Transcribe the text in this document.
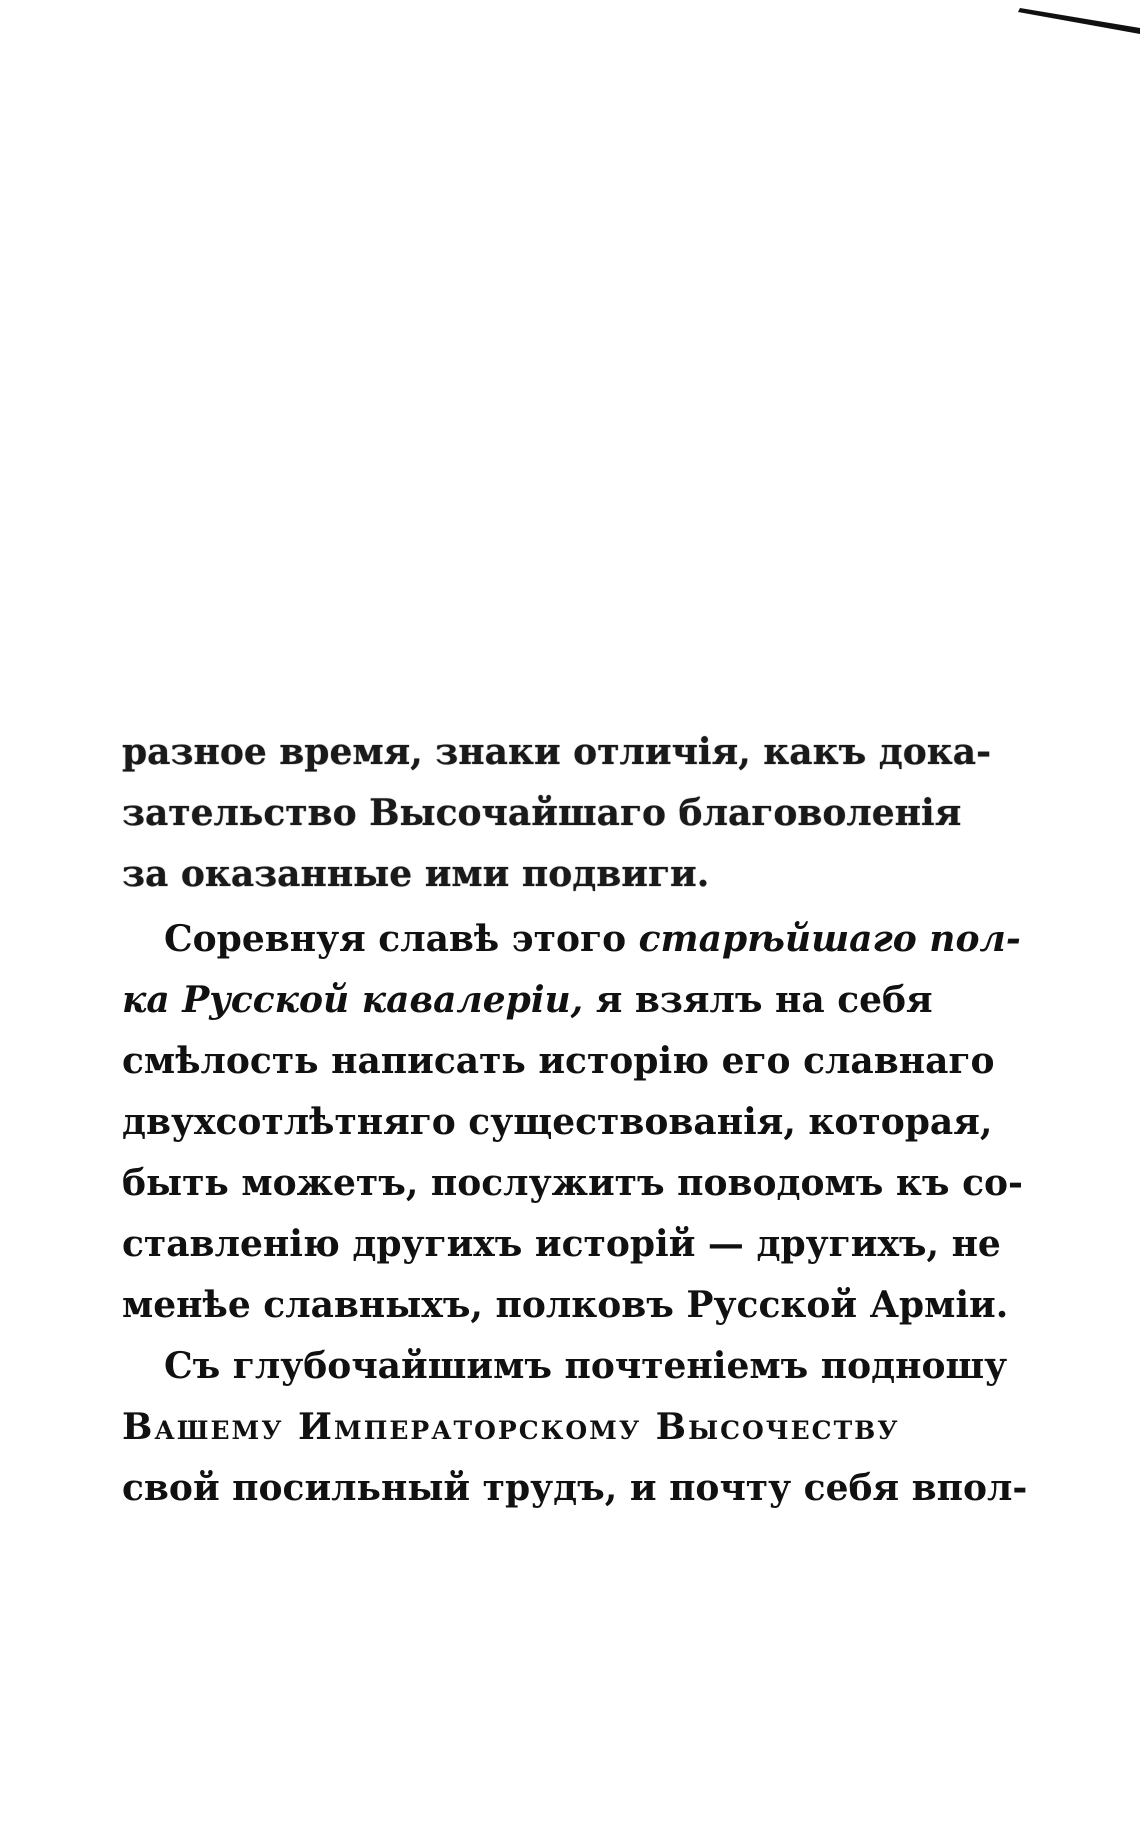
разное время, знаки отличія, какъ дока-
зательство Высочайшаго благоволенія
за оказанные ими подвиги.
Соревнуя славѣ этого старѣйшаго пол-
ка Русской кавалеріи, я взялъ на себя
смѣлость написать исторію его славнаго
двухсотлѣтняго существованія, которая,
быть можетъ, послужитъ поводомъ къ со-
ставленію другихъ исторій — другихъ, не
менѣе славныхъ, полковъ Русской Арміи.
Съ глубочайшимъ почтеніемъ подношу
Вашему Императорскому Высочеству
свой посильный трудъ, и почту себя впол-
